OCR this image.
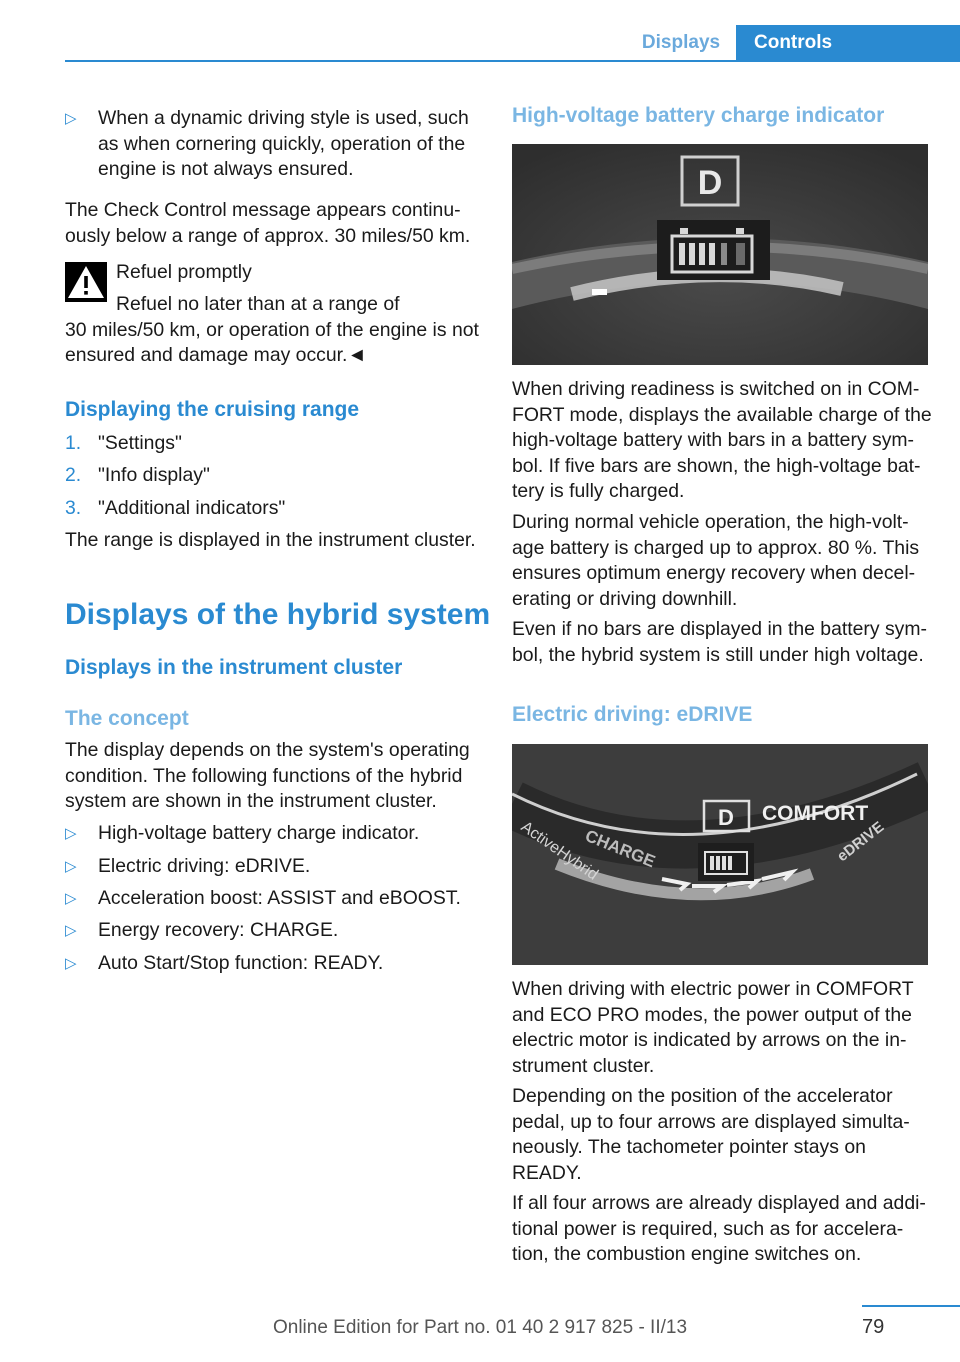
Displays	Controls
▷ When a dynamic driving style is used, such
as when cornering quickly, operation of the
engine is not always ensured.
The Check Control message appears continu-
ously below a range of approx. 30 miles/50 km.
Refuel promptly
Refuel no later than at a range of
30 miles/50 km, or operation of the engine is not
ensured and damage may occur.◄
Displaying the cruising range
1. "Settings"
2. "Info display"
3. "Additional indicators"
The range is displayed in the instrument cluster.
Displays of the hybrid system
Displays in the instrument cluster
The concept
The display depends on the system's operating
condition. The following functions of the hybrid
system are shown in the instrument cluster.
▷ High-voltage battery charge indicator.
▷ Electric driving: eDRIVE.
▷ Acceleration boost: ASSIST and eBOOST.
▷ Energy recovery: CHARGE.
▷ Auto Start/Stop function: READY.
High-voltage battery charge indicator
D
When driving readiness is switched on in COM-
FORT mode, displays the available charge of the
high-voltage battery with bars in a battery sym-
bol. If five bars are shown, the high-voltage bat-
tery is fully charged.
During normal vehicle operation, the high-volt-
age battery is charged up to approx. 80 %. This
ensures optimum energy recovery when decel-
erating or driving downhill.
Even if no bars are displayed in the battery sym-
bol, the hybrid system is still under high voltage.
Electric driving: eDRIVE
D COMFORT
CHARGE	eDRIVE
ActiveHybrid
When driving with electric power in COMFORT
and ECO PRO modes, the power output of the
electric motor is indicated by arrows on the in-
strument cluster.
Depending on the position of the accelerator
pedal, up to four arrows are displayed simulta-
neously. The tachometer pointer stays on
READY.
If all four arrows are already displayed and addi-
tional power is required, such as for accelera-
tion, the combustion engine switches on.
79
Online Edition for Part no. 01 40 2 917 825 - II/13
